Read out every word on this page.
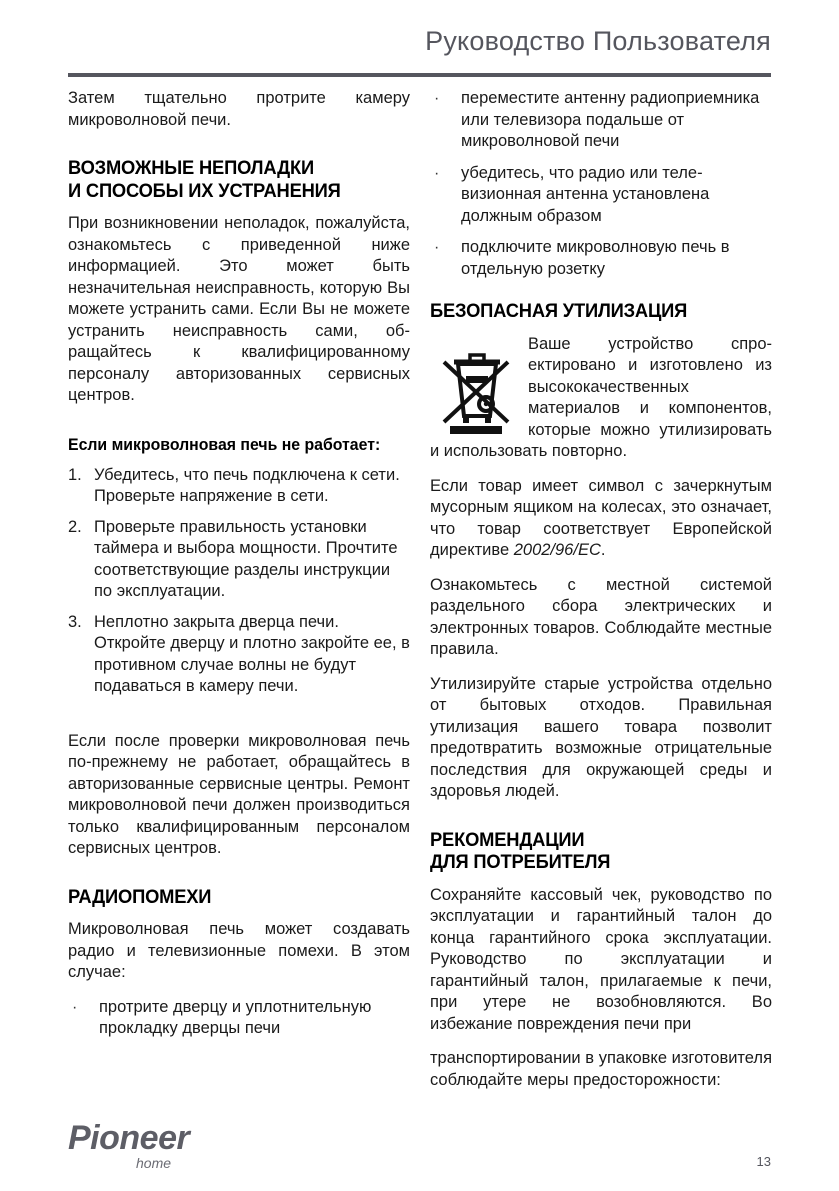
Руководство Пользователя

Затем тщательно протрите камеру микроволновой печи.

ВОЗМОЖНЫЕ НЕПОЛАДКИ
И СПОСОБЫ ИХ УСТРАНЕНИЯ

При возникновении неполадок, пожалуйста, ознакомьтесь с приведенной ниже информацией. Это может быть незначительная неисправность, которую Вы можете устранить сами. Если Вы не можете устранить неисправность сами, обращайтесь к квалифицированному персоналу авторизованных сервисных центров.

Если микроволновая печь не работает:
1. Убедитесь, что печь подключена к сети. Проверьте напряжение в сети.
2. Проверьте правильность установки таймера и выбора мощности. Прочтите соответствующие разделы инструкции по эксплуатации.
3. Неплотно закрыта дверца печи. Откройте дверцу и плотно закройте ее, в противном случае волны не будут подаваться в камеру печи.

Если после проверки микроволновая печь по-прежнему не работает, обращайтесь в авторизованные сервисные центры. Ремонт микроволновой печи должен производиться только квалифицированным персоналом сервисных центров.

РАДИОПОМЕХИ

Микроволновая печь может создавать радио и телевизионные помехи. В этом случае:

· протрите дверцу и уплотнительную прокладку дверцы печи
· переместите антенну радиоприемника или телевизора подальше от микроволновой печи
· убедитесь, что радио или телевизионная антенна установлена должным образом
· подключите микроволновую печь в отдельную розетку
БЕЗОПАСНАЯ УТИЛИЗАЦИЯ

Ваше устройство спроектировано и изготовлено из высококачественных материалов и компонентов, которые можно утилизировать и использовать повторно.

Если товар имеет символ с зачеркнутым мусорным ящиком на колесах, это означает, что товар соответствует Европейской директиве 2002/96/EC.

Ознакомьтесь с местной системой раздельного сбора электрических и электронных товаров. Соблюдайте местные правила.

Утилизируйте старые устройства отдельно от бытовых отходов. Правильная утилизация вашего товара позволит предотвратить возможные отрицательные последствия для окружающей среды и здоровья людей.

РЕКОМЕНДАЦИИ
ДЛЯ ПОТРЕБИТЕЛЯ

Сохраняйте кассовый чек, руководство по эксплуатации и гарантийный талон до конца гарантийного срока эксплуатации. Руководство по эксплуатации и гарантийный талон, прилагаемые к печи, при утере не возобновляются. Во избежание повреждения печи при

транспортировании в упаковке изготовителя соблюдайте меры предосторожности:

Pioneer
home	13
